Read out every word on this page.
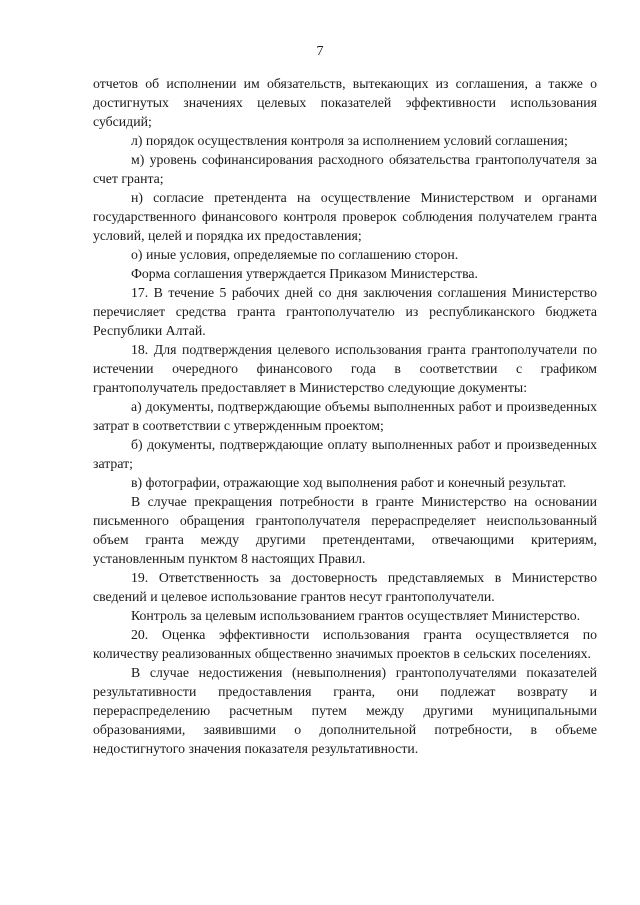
7

отчетов об исполнении им обязательств, вытекающих из соглашения, а также о достигнутых значениях целевых показателей эффективности использования субсидий;

л) порядок осуществления контроля за исполнением условий соглашения;

м) уровень софинансирования расходного обязательства грантополучателя за счет гранта;

н) согласие претендента на осуществление Министерством и органами государственного финансового контроля проверок соблюдения получателем гранта условий, целей и порядка их предоставления;

о) иные условия, определяемые по соглашению сторон.

Форма соглашения утверждается Приказом Министерства.

17. В течение 5 рабочих дней со дня заключения соглашения Министерство перечисляет средства гранта грантополучателю из республиканского бюджета Республики Алтай.

18. Для подтверждения целевого использования гранта грантополучатели по истечении очередного финансового года в соответствии с графиком грантополучатель предоставляет в Министерство следующие документы:

а) документы, подтверждающие объемы выполненных работ и произведенных затрат в соответствии с утвержденным проектом;

б) документы, подтверждающие оплату выполненных работ и произведенных затрат;

в) фотографии, отражающие ход выполнения работ и конечный результат.

В случае прекращения потребности в гранте Министерство на основании письменного обращения грантополучателя перераспределяет неиспользованный объем гранта между другими претендентами, отвечающими критериям, установленным пунктом 8 настоящих Правил.

19. Ответственность за достоверность представляемых в Министерство сведений и целевое использование грантов несут грантополучатели.

Контроль за целевым использованием грантов осуществляет Министерство.

20. Оценка эффективности использования гранта осуществляется по количеству реализованных общественно значимых проектов в сельских поселениях.

В случае недостижения (невыполнения) грантополучателями показателей результативности предоставления гранта, они подлежат возврату и перераспределению расчетным путем между другими муниципальными образованиями, заявившими о дополнительной потребности, в объеме недостигнутого значения показателя результативности.
